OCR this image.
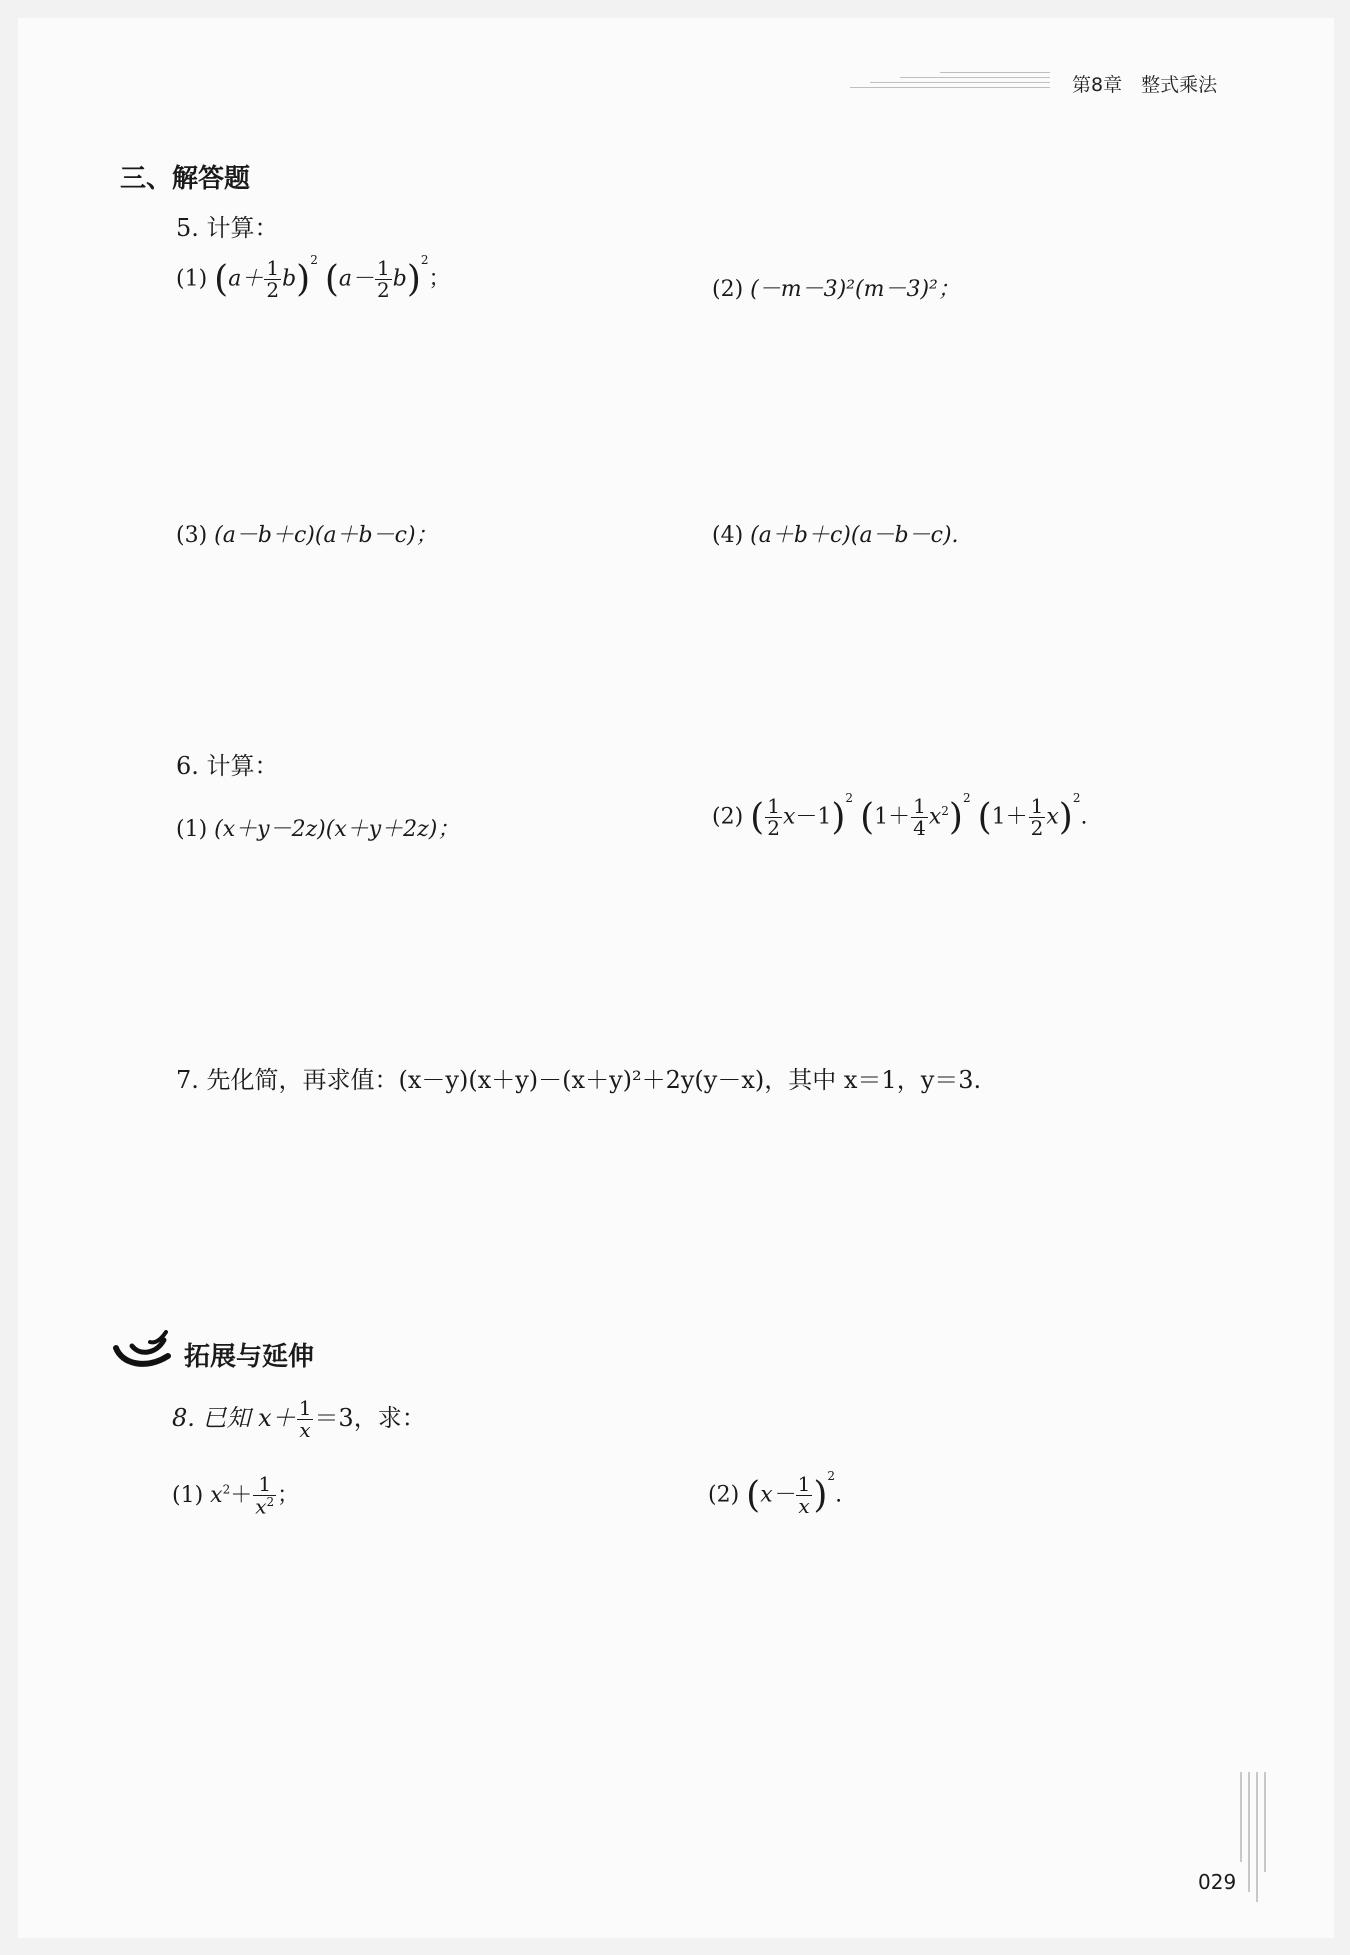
第8章　整式乘法
三、解答题
5. 计算：
(1) $(a+ \frac{1}{2} b)^2$ $(a- \frac{1}{2} b)^2$；	(2) (－m－3)²(m－3)²；
(3) (a－b＋c)(a＋b－c)；	(4) (a＋b＋c)(a－b－c).
6. 计算：
(1) (x＋y－2z)(x＋y＋2z)；	(2) ( $\frac{1}{2} x-1)^2$ $(1+ \frac{1}{4} x^2)^2$ $(1+ \frac{1}{2} x)^2$.
7. 先化简，再求值：(x－y)(x＋y)－(x＋y)²＋2y(y－x)，其中 x＝1，y＝3.
拓展与延伸
8. 已知 $x+ \frac{1}{x}=3$，求：
(1) $x^2+ \frac{1}{x^2}$ ；	(2) $(x- \frac{1}{x})^2$.
029
